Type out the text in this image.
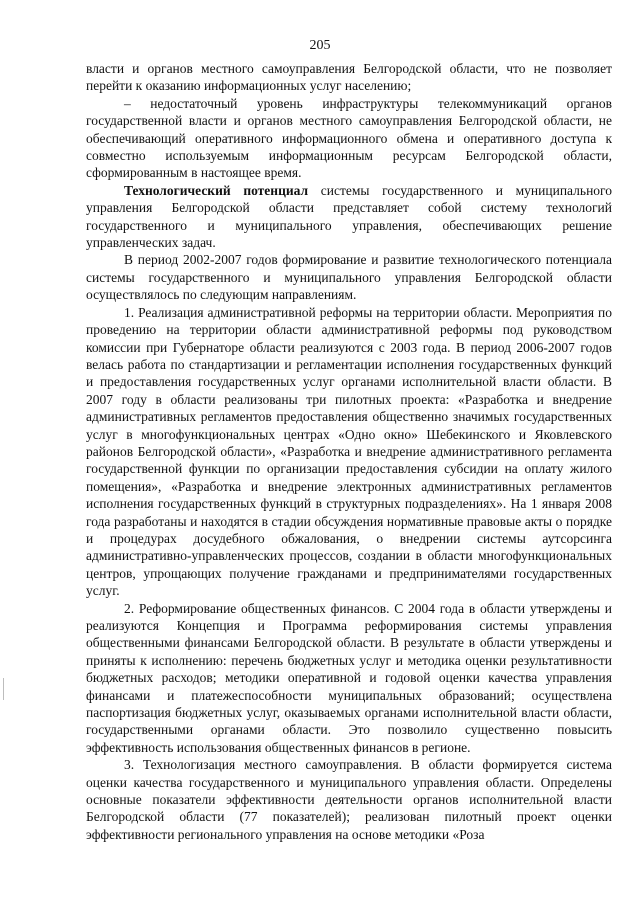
205

власти и органов местного самоуправления Белгородской области, что не позволяет перейти к оказанию информационных услуг населению;

– недостаточный уровень инфраструктуры телекоммуникаций органов государственной власти и органов местного самоуправления Белгородской области, не обеспечивающий оперативного информационного обмена и оперативного доступа к совместно используемым информационным ресурсам Белгородской области, сформированным в настоящее время.

Технологический потенциал системы государственного и муниципального управления Белгородской области представляет собой систему технологий государственного и муниципального управления, обеспечивающих решение управленческих задач.

В период 2002-2007 годов формирование и развитие технологического потенциала системы государственного и муниципального управления Белгородской области осуществлялось по следующим направлениям.

1. Реализация административной реформы на территории области. Мероприятия по проведению на территории области административной реформы под руководством комиссии при Губернаторе области реализуются с 2003 года. В период 2006-2007 годов велась работа по стандартизации и регламентации исполнения государственных функций и предоставления государственных услуг органами исполнительной власти области. В 2007 году в области реализованы три пилотных проекта: «Разработка и внедрение административных регламентов предоставления общественно значимых государственных услуг в многофункциональных центрах «Одно окно» Шебекинского и Яковлевского районов Белгородской области», «Разработка и внедрение административного регламента государственной функции по организации предоставления субсидии на оплату жилого помещения», «Разработка и внедрение электронных административных регламентов исполнения государственных функций в структурных подразделениях». На 1 января 2008 года разработаны и находятся в стадии обсуждения нормативные правовые акты о порядке и процедурах досудебного обжалования, о внедрении системы аутсорсинга административно-управленческих процессов, создании в области многофункциональных центров, упрощающих получение гражданами и предпринимателями государственных услуг.

2. Реформирование общественных финансов. С 2004 года в области утверждены и реализуются Концепция и Программа реформирования системы управления общественными финансами Белгородской области. В результате в области утверждены и приняты к исполнению: перечень бюджетных услуг и методика оценки результативности бюджетных расходов; методики оперативной и годовой оценки качества управления финансами и платежеспособности муниципальных образований; осуществлена паспортизация бюджетных услуг, оказываемых органами исполнительной власти области, государственными органами области. Это позволило существенно повысить эффективность использования общественных финансов в регионе.

3. Технологизация местного самоуправления. В области формируется система оценки качества государственного и муниципального управления области. Определены основные показатели эффективности деятельности органов исполнительной власти Белгородской области (77 показателей); реализован пилотный проект оценки эффективности регионального управления на основе методики «Роза
